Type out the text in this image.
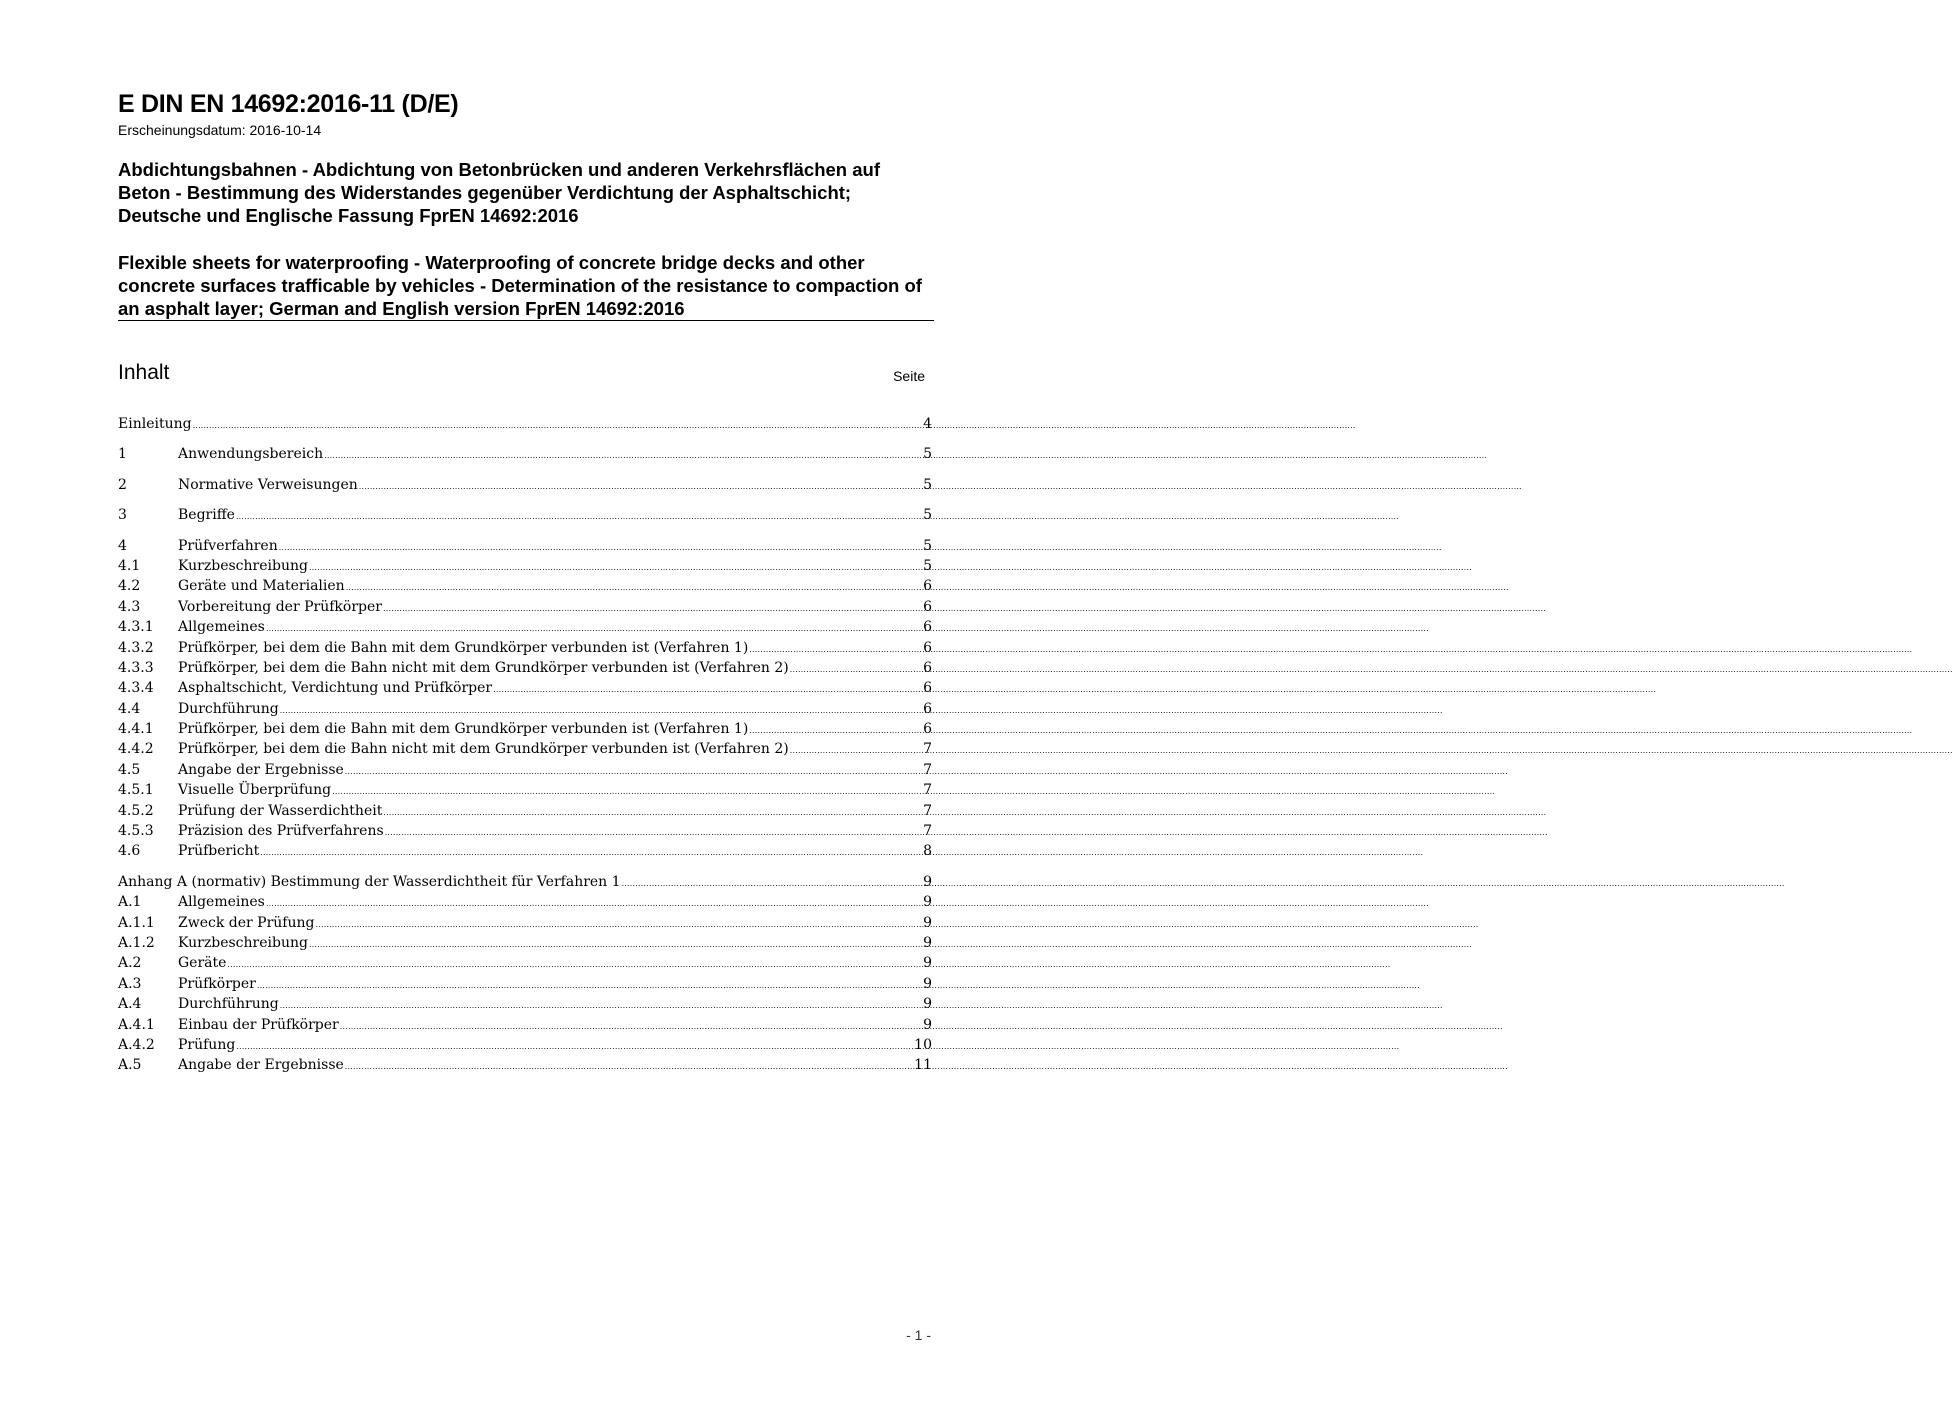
E DIN EN 14692:2016-11 (D/E)
Erscheinungsdatum: 2016-10-14
Abdichtungsbahnen - Abdichtung von Betonbrücken und anderen Verkehrsflächen auf Beton - Bestimmung des Widerstandes gegenüber Verdichtung der Asphaltschicht; Deutsche und Englische Fassung FprEN 14692:2016
Flexible sheets for waterproofing - Waterproofing of concrete bridge decks and other concrete surfaces trafficable by vehicles - Determination of the resistance to compaction of an asphalt layer; German and English version FprEN 14692:2016
Inhalt	Seite
Einleitung .....	4
1	Anwendungsbereich .....	5
2	Normative Verweisungen .....	5
3	Begriffe .....	5
4	Prüfverfahren .....	5
4.1	Kurzbeschreibung .....	5
4.2	Geräte und Materialien .....	6
4.3	Vorbereitung der Prüfkörper .....	6
4.3.1	Allgemeines .....	6
4.3.2	Prüfkörper, bei dem die Bahn mit dem Grundkörper verbunden ist (Verfahren 1) .....	6
4.3.3	Prüfkörper, bei dem die Bahn nicht mit dem Grundkörper verbunden ist (Verfahren 2) .....	6
4.3.4	Asphaltschicht, Verdichtung und Prüfkörper .....	6
4.4	Durchführung .....	6
4.4.1	Prüfkörper, bei dem die Bahn mit dem Grundkörper verbunden ist (Verfahren 1) .....	6
4.4.2	Prüfkörper, bei dem die Bahn nicht mit dem Grundkörper verbunden ist (Verfahren 2) .....	7
4.5	Angabe der Ergebnisse .....	7
4.5.1	Visuelle Überprüfung .....	7
4.5.2	Prüfung der Wasserdichtheit .....	7
4.5.3	Präzision des Prüfverfahrens .....	7
4.6	Prüfbericht .....	8
Anhang A (normativ) Bestimmung der Wasserdichtheit für Verfahren 1 .....	9
A.1	Allgemeines .....	9
A.1.1	Zweck der Prüfung .....	9
A.1.2	Kurzbeschreibung .....	9
A.2	Geräte .....	9
A.3	Prüfkörper .....	9
A.4	Durchführung .....	9
A.4.1	Einbau der Prüfkörper .....	9
A.4.2	Prüfung .....	10
A.5	Angabe der Ergebnisse .....	11
- 1 -
